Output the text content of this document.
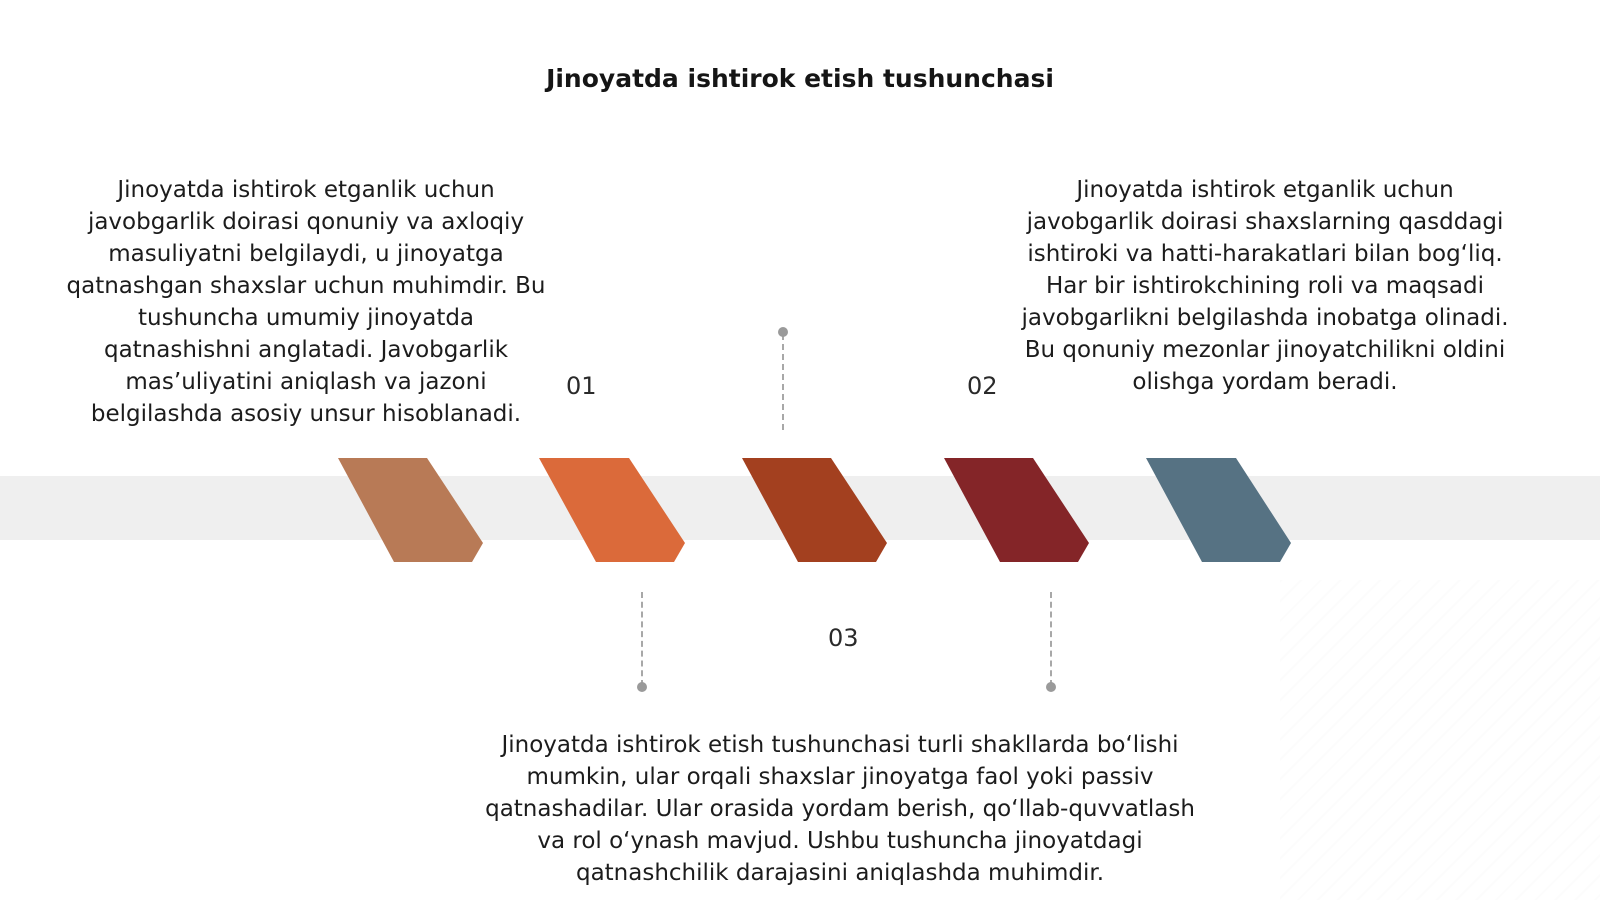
Jinoyatda ishtirok etish tushunchasi

Jinoyatda ishtirok etganlik uchun javobgarlik doirasi qonuniy va axloqiy masuliyatni belgilaydi, u jinoyatga qatnashgan shaxslar uchun muhimdir. Bu tushuncha umumiy jinoyatda qatnashishni anglatadi. Javobgarlik mas’uliyatini aniqlash va jazoni belgilashda asosiy unsur hisoblanadi.

Jinoyatda ishtirok etganlik uchun javobgarlik doirasi shaxslarning qasddagi ishtiroki va hatti-harakatlari bilan bog‘liq. Har bir ishtirokchining roli va maqsadi javobgarlikni belgilashda inobatga olinadi. Bu qonuniy mezonlar jinoyatchilikni oldini olishga yordam beradi.

01	02
03

Jinoyatda ishtirok etish tushunchasi turli shakllarda bo‘lishi mumkin, ular orqali shaxslar jinoyatga faol yoki passiv qatnashadilar. Ular orasida yordam berish, qo‘llab-quvvatlash va rol o‘ynash mavjud. Ushbu tushuncha jinoyatdagi qatnashchilik darajasini aniqlashda muhimdir.
